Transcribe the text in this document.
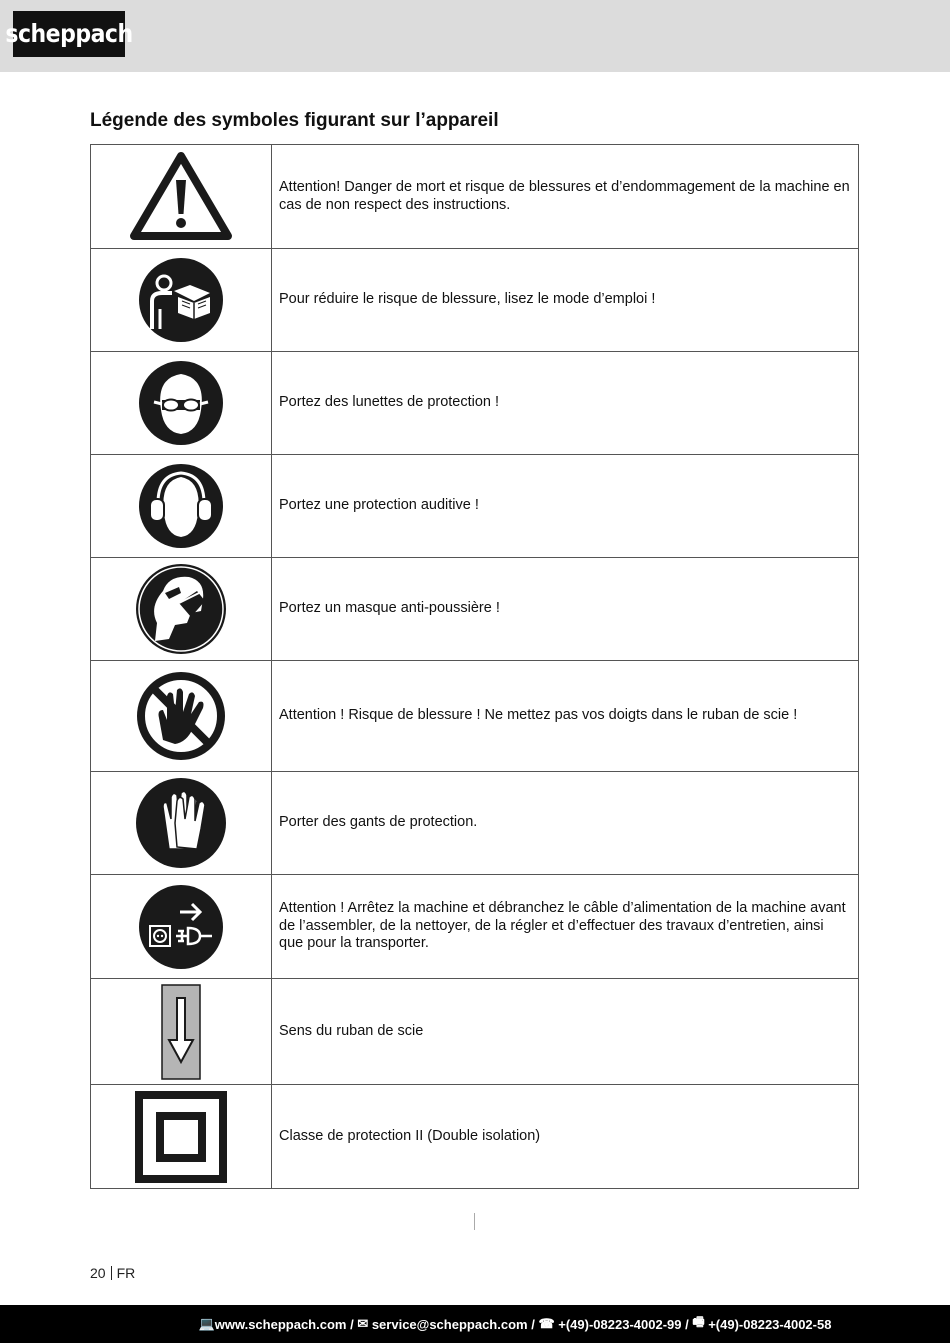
scheppach
Légende des symboles figurant sur l’appareil
	Attention! Danger de mort et risque de blessures et d’endommagement de la machine en cas de non respect des instructions.

	Pour réduire le risque de blessure, lisez le mode d’emploi !

	Portez des lunettes de protection !

	Portez une protection auditive !

	Portez un masque anti-poussière !

	Attention ! Risque de blessure ! Ne mettez pas vos doigts dans le ruban de scie !

	Porter des gants de protection.

	Attention ! Arrêtez la machine et débranchez le câble d’alimentation de la machine avant de l’assembler, de la nettoyer, de la régler et d’effectuer des travaux d’entretien, ainsi que pour la transporter.

	Sens du ruban de scie

	Classe de protection II (Double isolation)
20 FR
💻 www.scheppach.com / ✉ service@scheppach.com / ☎ +(49)-08223-4002-99 / 🖷 +(49)-08223-4002-58
